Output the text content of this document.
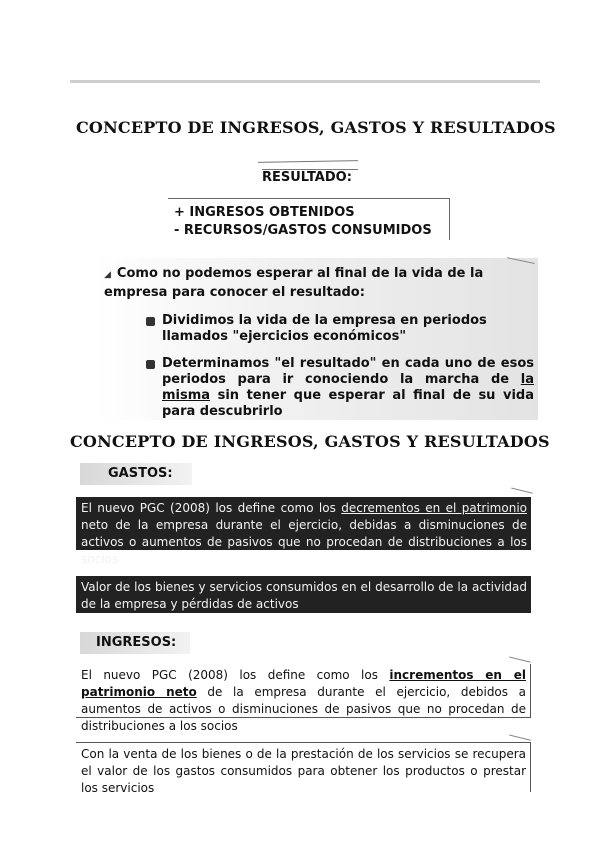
CONCEPTO DE INGRESOS, GASTOS Y RESULTADOS
RESULTADO:
+ INGRESOS OBTENIDOS
- RECURSOS/GASTOS CONSUMIDOS
◢ Como no podemos esperar al final de la vida de la empresa para conocer el resultado:
Dividimos la vida de la empresa en periodos llamados "ejercicios económicos"
Determinamos "el resultado" en cada uno de esos periodos para ir conociendo la marcha de la misma sin tener que esperar al final de su vida para descubrirlo
CONCEPTO DE INGRESOS, GASTOS Y RESULTADOS
GASTOS:
El nuevo PGC (2008) los define como los decrementos en el patrimonio neto de la empresa durante el ejercicio, debidas a disminuciones de activos o aumentos de pasivos que no procedan de distribuciones a los socios
Valor de los bienes y servicios consumidos en el desarrollo de la actividad de la empresa y pérdidas de activos
INGRESOS:
El nuevo PGC (2008) los define como los incrementos en el patrimonio neto de la empresa durante el ejercicio, debidos a aumentos de activos o disminuciones de pasivos que no procedan de distribuciones a los socios
Con la venta de los bienes o de la prestación de los servicios se recupera el valor de los gastos consumidos para obtener los productos o prestar los servicios
